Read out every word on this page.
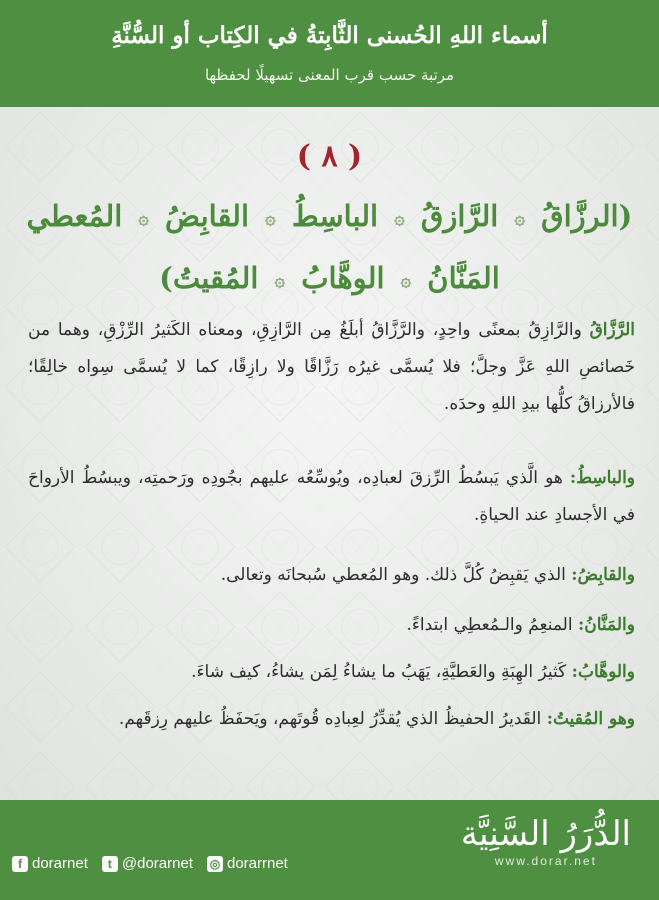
أسماء اللهِ الحُسنى الثَّابِتةُ في الكِتاب أو السُّنَّةِ
مرتبة حسب قرب المعنى تسهيلًا لحفظها
( ٨ )
(الرزَّاقُ ۞ الرَّازقُ ۞ الباسِطُ ۞ القابِضُ ۞ المُعطي
المَنَّانُ ۞ الوهَّابُ ۞ المُقيتُ)
الرَّزَّاقُ والرَّازِقُ بمعنًى واحِدٍ، والرَّزَّاقُ أبلَغُ مِن الرَّازِقِ، ومعناه الكَثيرُ الرِّزْقِ، وهما من خَصائصِ اللهِ عَزَّ وجلَّ؛ فلا يُسمَّى غيرُه رَزَّاقًا ولا رازِقًا، كما لا يُسمَّى سِواه خالِقًا؛ فالأرزاقُ كلُّها بيدِ اللهِ وحدَه.
والباسِطُ: هو الَّذي يَبسُطُ الرِّزقَ لعبادِه، ويُوسِّعُه عليهم بجُودِه ورَحمتِه، ويبسُطُ الأرواحَ في الأجسادِ عند الحياةِ.
والقابِضُ: الذي يَقبِضُ كُلَّ ذلك. وهو المُعطي سُبحانَه وتعالى.
والمَنَّانُ: المنعِمُ والـمُعطِي ابتداءً.
والوهَّابُ: كَثيرُ الهِبَةِ والعَطيَّةِ، يَهَبُ ما يشاءُ لِمَن يشاءُ، كيف شاءَ.
وهو المُقيتُ: القَديرُ الحفيظُ الذي يُقدِّرُ لعِبادِه قُوتَهم، ويَحفَظُ عليهم رِزقَهم.
f dorarnet	t @dorarnet ◎ dorarrnet
الدُّرَرُ السَّنِيَّة
www.dorar.net
